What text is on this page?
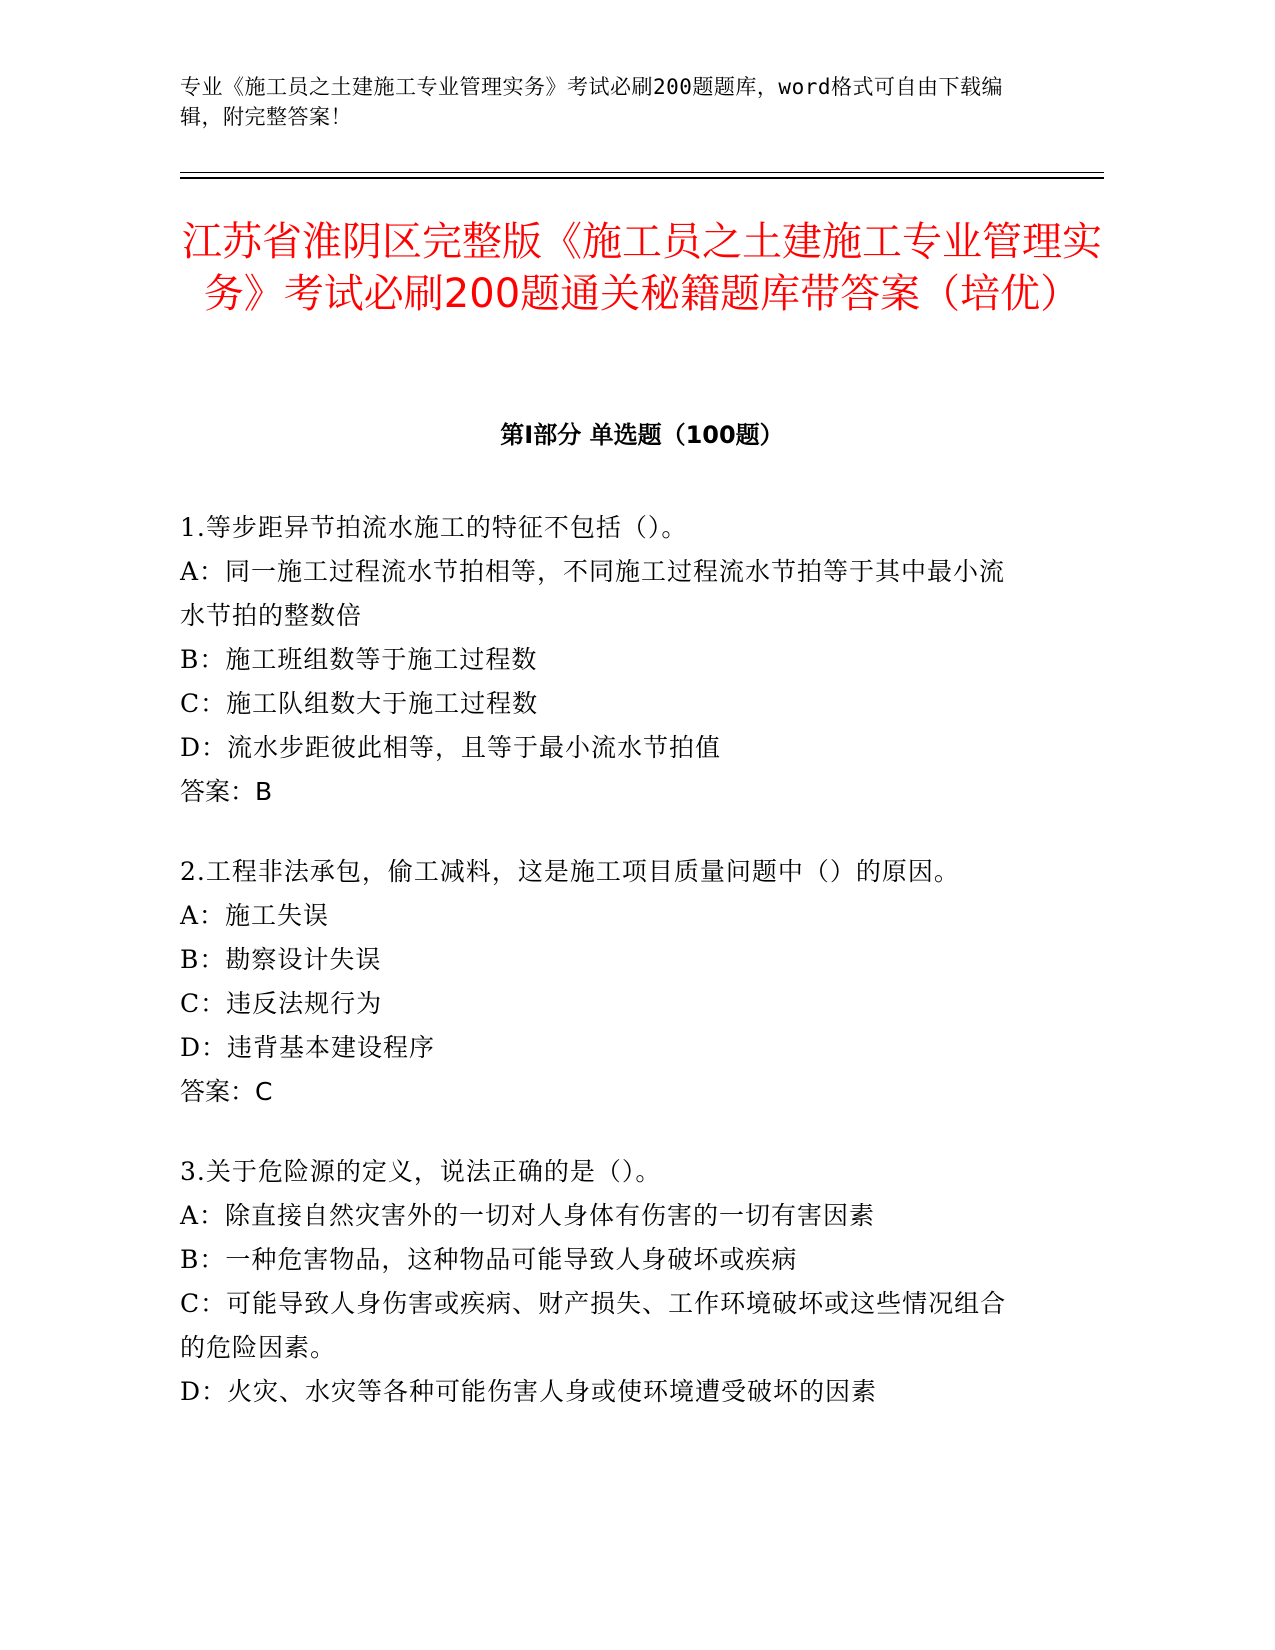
专业《施工员之土建施工专业管理实务》考试必刷200题题库，word格式可自由下载编辑，附完整答案！
江苏省淮阴区完整版《施工员之土建施工专业管理实务》考试必刷200题通关秘籍题库带答案（培优）
第Ⅰ部分 单选题（100题）

1.等步距异节拍流水施工的特征不包括（）。

A：同一施工过程流水节拍相等，不同施工过程流水节拍等于其中最小流水节拍的整数倍

B：施工班组数等于施工过程数

C：施工队组数大于施工过程数

D：流水步距彼此相等，且等于最小流水节拍值

答案：B

2.工程非法承包，偷工减料，这是施工项目质量问题中（）的原因。

A：施工失误

B：勘察设计失误

C：违反法规行为

D：违背基本建设程序

答案：C

3.关于危险源的定义，说法正确的是（）。

A：除直接自然灾害外的一切对人身体有伤害的一切有害因素

B：一种危害物品，这种物品可能导致人身破坏或疾病

C：可能导致人身伤害或疾病、财产损失、工作环境破坏或这些情况组合的危险因素。

D：火灾、水灾等各种可能伤害人身或使环境遭受破坏的因素
